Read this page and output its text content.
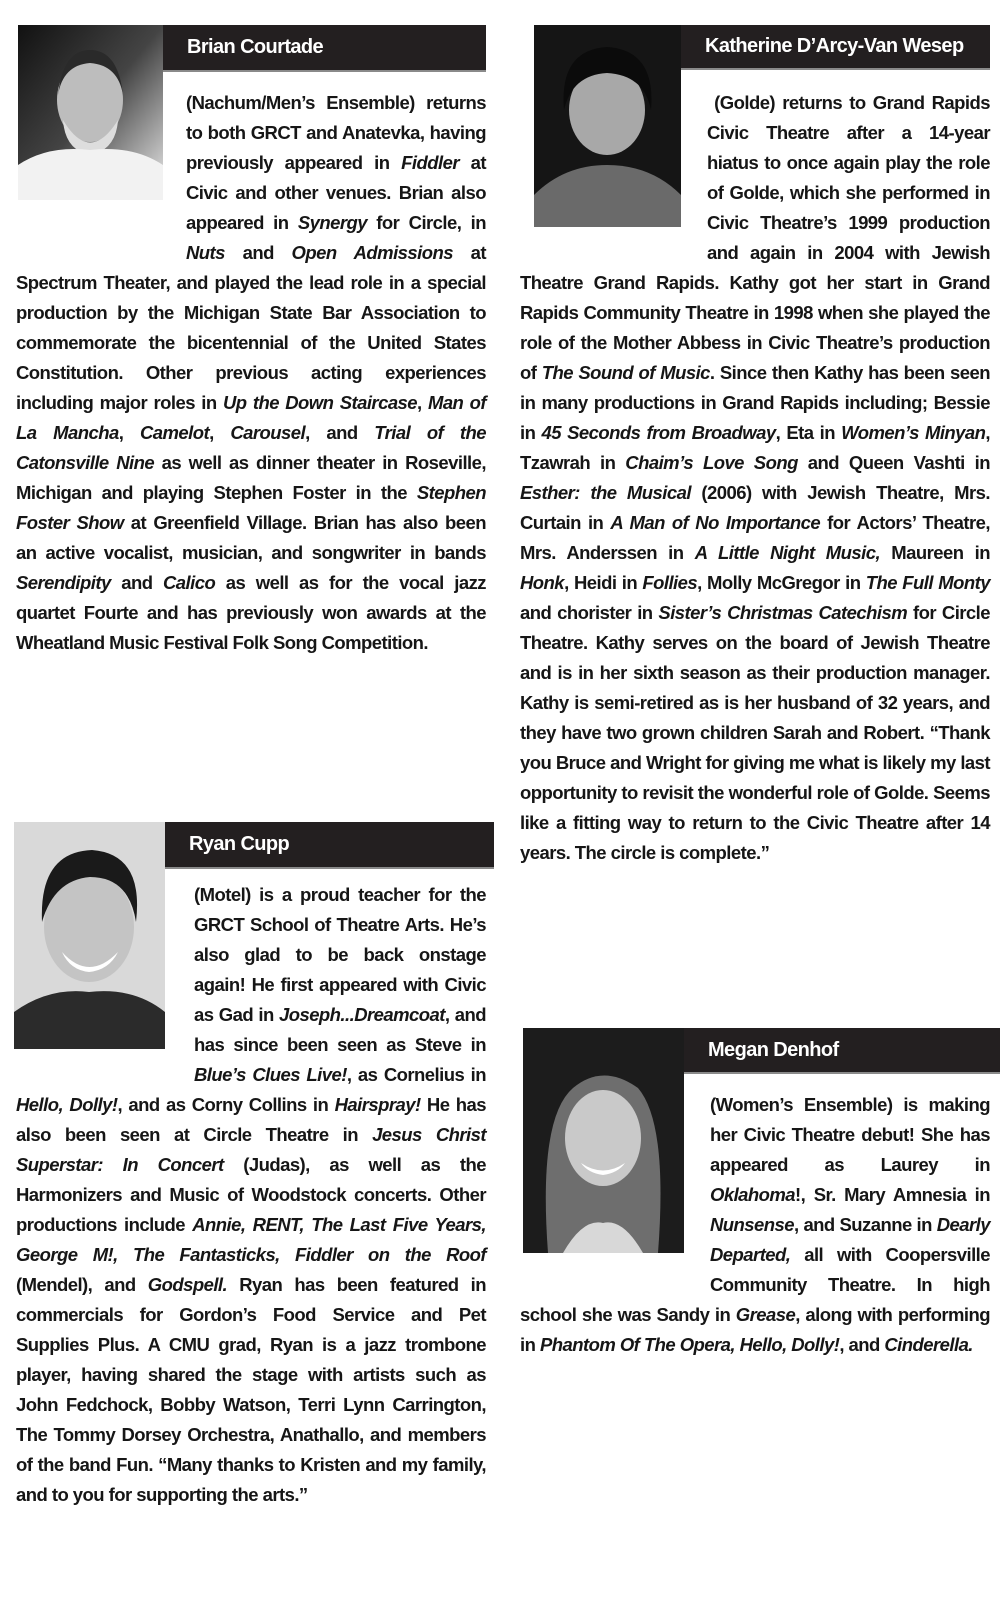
Brian Courtade
(Nachum/Men’s Ensemble) returns to both GRCT and Anatevka, having previously appeared in Fiddler at Civic and other venues. Brian also appeared in Synergy for Circle, in Nuts and Open Admissions at Spectrum Theater, and played the lead role in a special production by the Michigan State Bar Association to commemorate the bicentennial of the United States Constitution. Other previous acting experiences including major roles in Up the Down Staircase, Man of La Mancha, Camelot, Carousel, and Trial of the Catonsville Nine as well as dinner theater in Roseville, Michigan and playing Stephen Foster in the Stephen Foster Show at Greenfield Village. Brian has also been an active vocalist, musician, and songwriter in bands Serendipity and Calico as well as for the vocal jazz quartet Fourte and has previously won awards at the Wheatland Music Festival Folk Song Competition.
Katherine D’Arcy-Van Wesep
(Golde) returns to Grand Rapids Civic Theatre after a 14-year hiatus to once again play the role of Golde, which she performed in Civic Theatre’s 1999 production and again in 2004 with Jewish Theatre Grand Rapids. Kathy got her start in Grand Rapids Community Theatre in 1998 when she played the role of the Mother Abbess in Civic Theatre’s production of The Sound of Music. Since then Kathy has been seen in many productions in Grand Rapids including; Bessie in 45 Seconds from Broadway, Eta in Women’s Minyan, Tzawrah in Chaim’s Love Song and Queen Vashti in Esther: the Musical (2006) with Jewish Theatre, Mrs. Curtain in A Man of No Importance for Actors’ Theatre, Mrs. Anderssen in A Little Night Music, Maureen in Honk, Heidi in Follies, Molly McGregor in The Full Monty and chorister in Sister’s Christmas Catechism for Circle Theatre. Kathy serves on the board of Jewish Theatre and is in her sixth season as their production manager. Kathy is semi-retired as is her husband of 32 years, and they have two grown children Sarah and Robert. “Thank you Bruce and Wright for giving me what is likely my last opportunity to revisit the wonderful role of Golde. Seems like a fitting way to return to the Civic Theatre after 14 years. The circle is complete.”
Ryan Cupp
(Motel) is a proud teacher for the GRCT School of Theatre Arts. He’s also glad to be back onstage again! He first appeared with Civic as Gad in Joseph...Dreamcoat, and has since been seen as Steve in Blue’s Clues Live!, as Cornelius in Hello, Dolly!, and as Corny Collins in Hairspray! He has also been seen at Circle Theatre in Jesus Christ Superstar: In Concert (Judas), as well as the Harmonizers and Music of Woodstock concerts. Other productions include Annie, RENT, The Last Five Years, George M!, The Fantasticks, Fiddler on the Roof (Mendel), and Godspell. Ryan has been featured in commercials for Gordon’s Food Service and Pet Supplies Plus. A CMU grad, Ryan is a jazz trombone player, having shared the stage with artists such as John Fedchock, Bobby Watson, Terri Lynn Carrington, The Tommy Dorsey Orchestra, Anathallo, and members of the band Fun. “Many thanks to Kristen and my family, and to you for supporting the arts.”
Megan Denhof
(Women’s Ensemble) is making her Civic Theatre debut! She has appeared as Laurey in Oklahoma!, Sr. Mary Amnesia in Nunsense, and Suzanne in Dearly Departed, all with Coopersville Community Theatre. In high school she was Sandy in Grease, along with performing in Phantom Of The Opera, Hello, Dolly!, and Cinderella.
